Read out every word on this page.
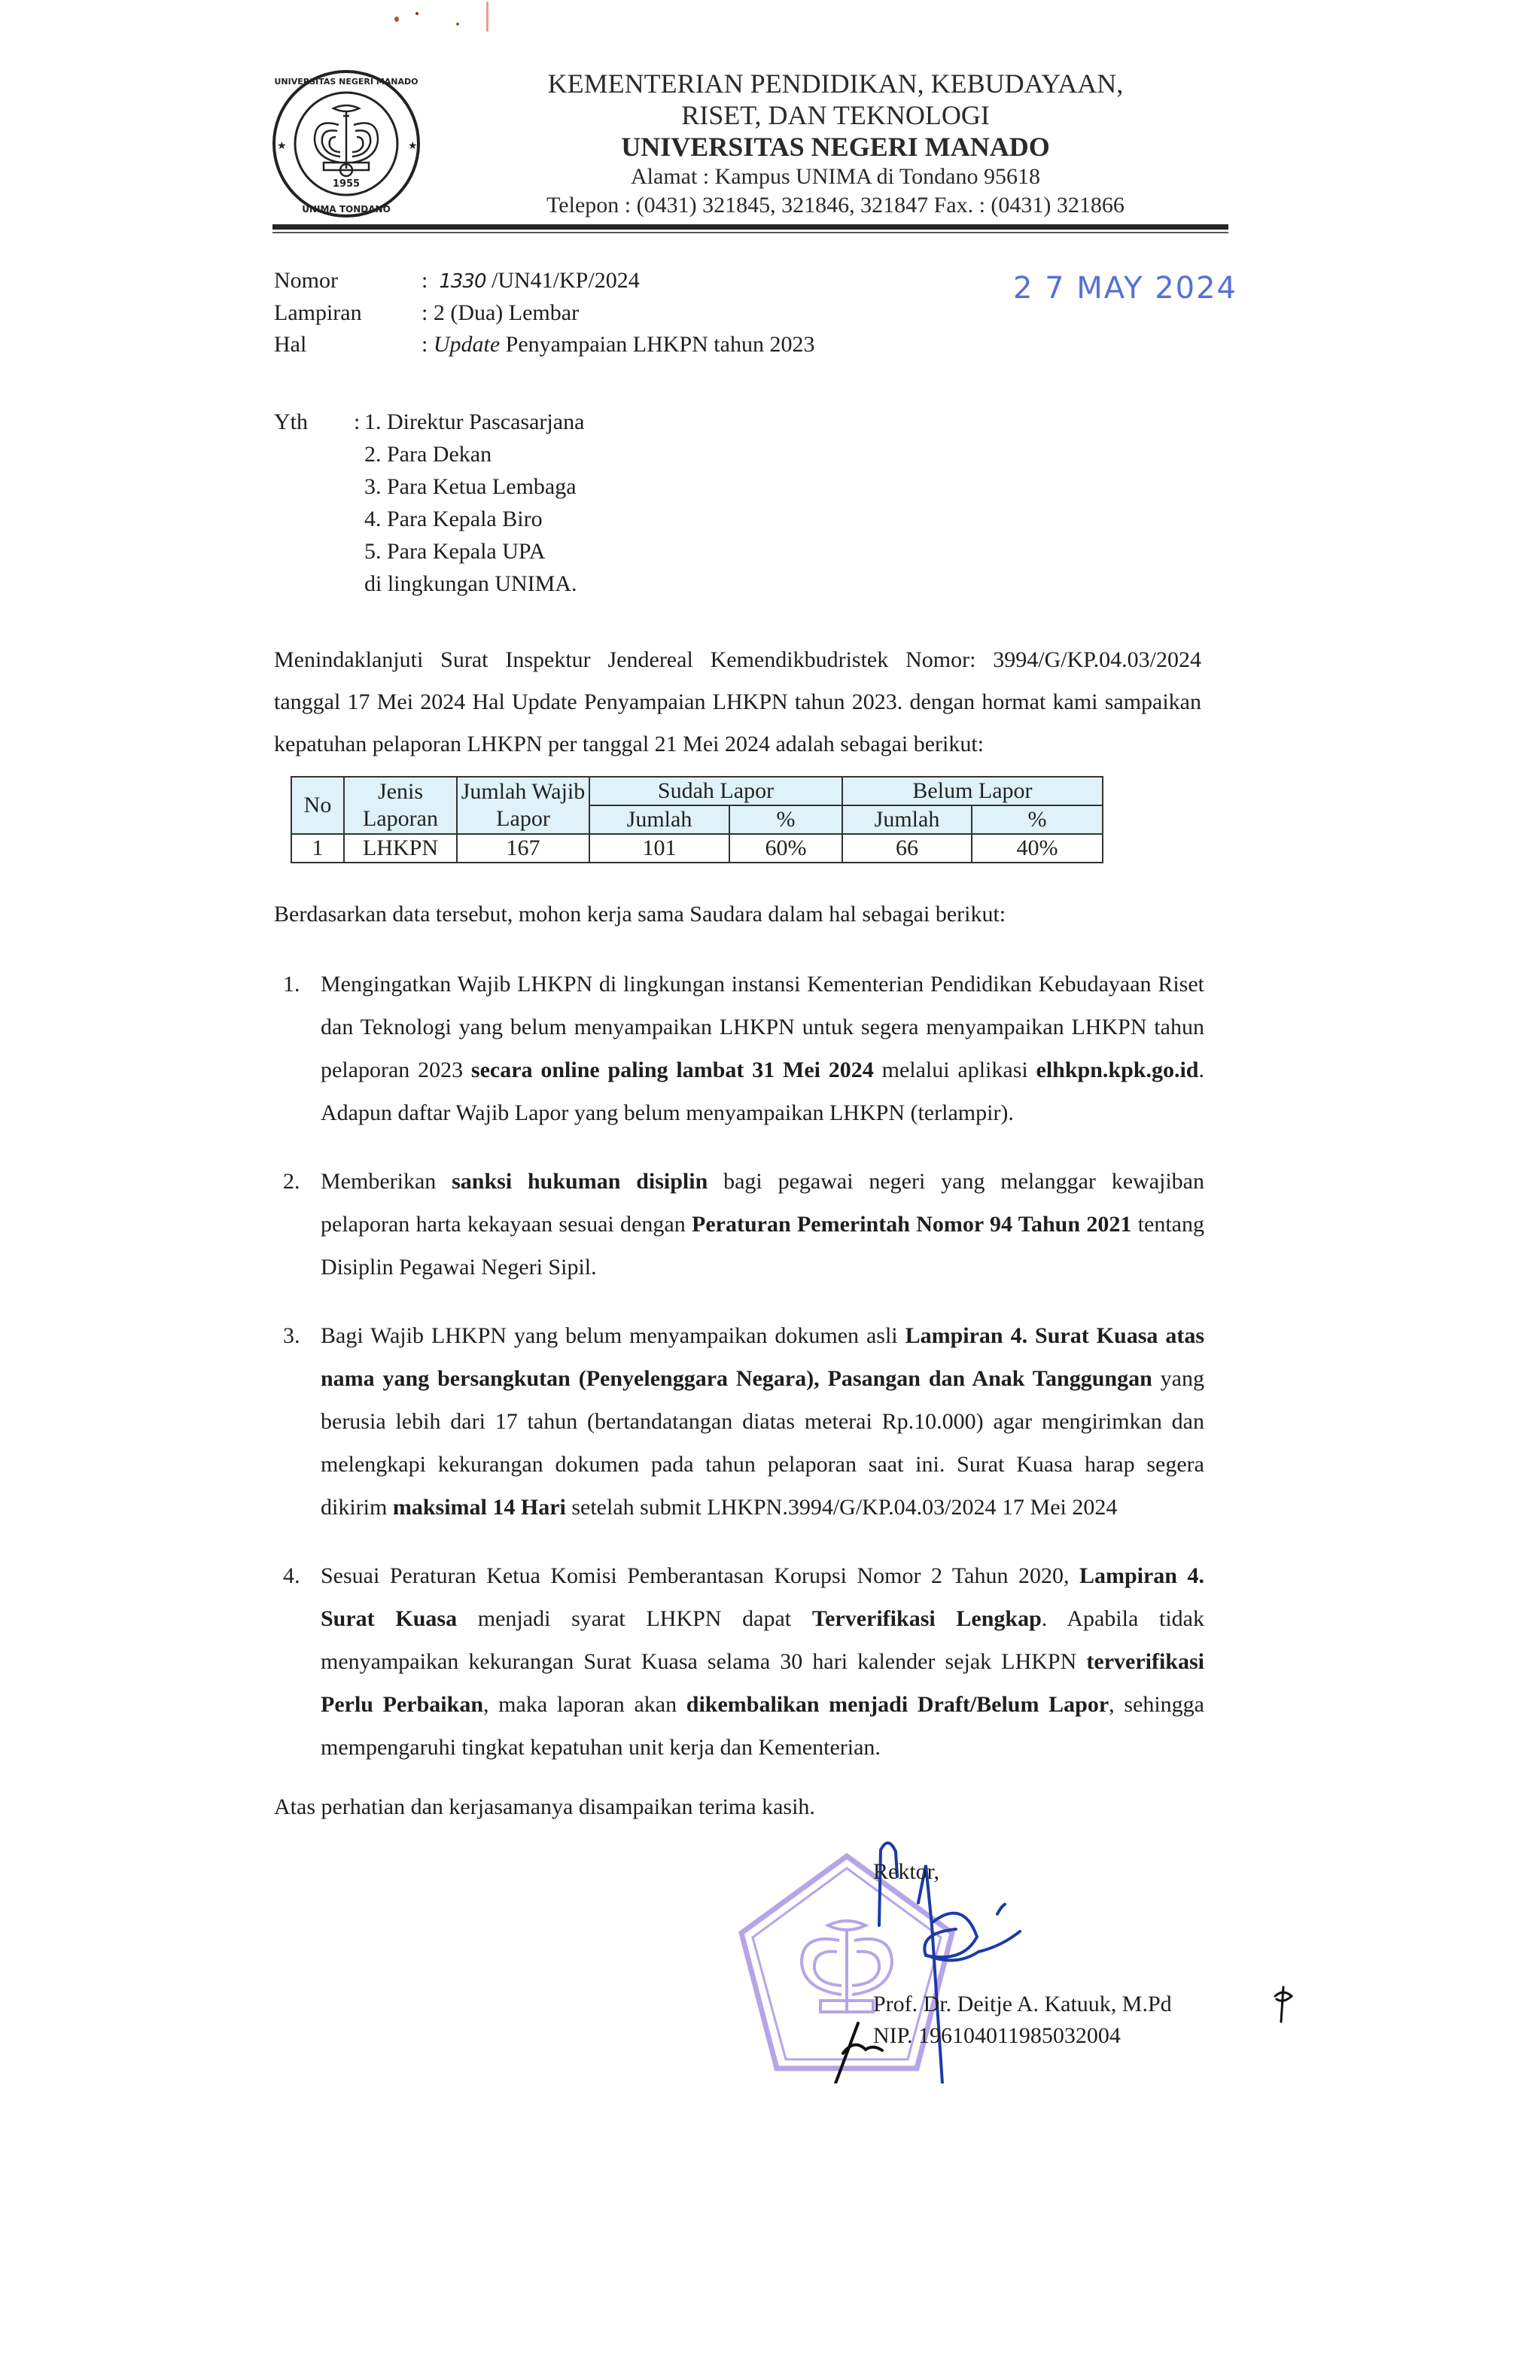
★	★
UNIVERSITAS NEGERI MANADO
1955
UNIMA TONDANO
KEMENTERIAN PENDIDIKAN, KEBUDAYAAN,
RISET, DAN TEKNOLOGI
UNIVERSITAS NEGERI MANADO
Alamat : Kampus UNIMA di Tondano 95618
Telepon : (0431) 321845, 321846, 321847 Fax. : (0431) 321866
Nomor	: 1330 /UN41/KP/2024
Lampiran	: 2 (Dua) Lembar
Hal	: Update Penyampaian LHKPN tahun 2023
2 7 MAY 2024
Yth	: 1. Direktur Pascasarjana
2. Para Dekan
3. Para Ketua Lembaga
4. Para Kepala Biro
5. Para Kepala UPA
di lingkungan UNIMA.

Menindaklanjuti Surat Inspektur Jendereal Kemendikbudristek Nomor: 3994/G/KP.04.03/2024 tanggal 17 Mei 2024 Hal Update Penyampaian LHKPN tahun 2023. dengan hormat kami sampaikan kepatuhan pelaporan LHKPN per tanggal 21 Mei 2024 adalah sebagai berikut:

No	Jenis Laporan	Jumlah Wajib Lapor	Sudah Lapor		Belum Lapor	
			Jumlah	%	Jumlah	%
1	LHKPN	167	101	60%	66	40%

Berdasarkan data tersebut, mohon kerja sama Saudara dalam hal sebagai berikut:

1. Mengingatkan Wajib LHKPN di lingkungan instansi Kementerian Pendidikan Kebudayaan Riset dan Teknologi yang belum menyampaikan LHKPN untuk segera menyampaikan LHKPN tahun pelaporan 2023 secara online paling lambat 31 Mei 2024 melalui aplikasi elhkpn.kpk.go.id. Adapun daftar Wajib Lapor yang belum menyampaikan LHKPN (terlampir).
2. Memberikan sanksi hukuman disiplin bagi pegawai negeri yang melanggar kewajiban pelaporan harta kekayaan sesuai dengan Peraturan Pemerintah Nomor 94 Tahun 2021 tentang Disiplin Pegawai Negeri Sipil.
3. Bagi Wajib LHKPN yang belum menyampaikan dokumen asli Lampiran 4. Surat Kuasa atas nama yang bersangkutan (Penyelenggara Negara), Pasangan dan Anak Tanggungan yang berusia lebih dari 17 tahun (bertandatangan diatas meterai Rp.10.000) agar mengirimkan dan melengkapi kekurangan dokumen pada tahun pelaporan saat ini. Surat Kuasa harap segera dikirim maksimal 14 Hari setelah submit LHKPN.3994/G/KP.04.03/2024 17 Mei 2024
4. Sesuai Peraturan Ketua Komisi Pemberantasan Korupsi Nomor 2 Tahun 2020, Lampiran 4. Surat Kuasa menjadi syarat LHKPN dapat Terverifikasi Lengkap. Apabila tidak menyampaikan kekurangan Surat Kuasa selama 30 hari kalender sejak LHKPN terverifikasi Perlu Perbaikan, maka laporan akan dikembalikan menjadi Draft/Belum Lapor, sehingga mempengaruhi tingkat kepatuhan unit kerja dan Kementerian.
Atas perhatian dan kerjasamanya disampaikan terima kasih.
Rektor,
Prof. Dr. Deitje A. Katuuk, M.Pd
NIP. 196104011985032004
